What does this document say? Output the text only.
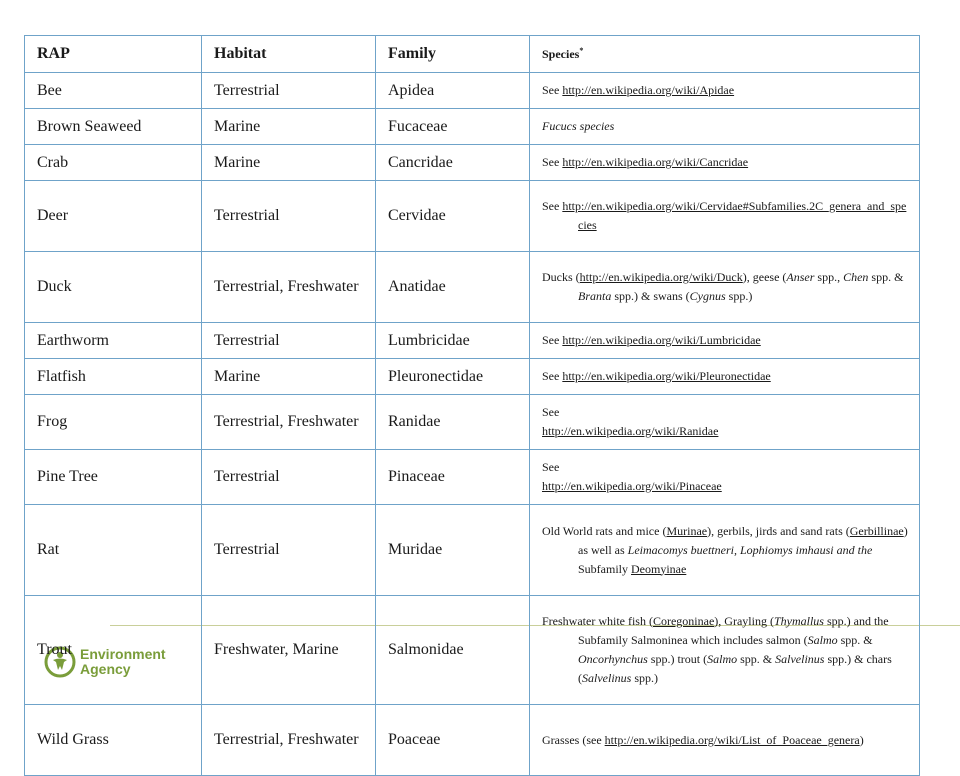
Environment
Agency
RAP	Habitat	Family	Species*
Bee	Terrestrial	Apidea	See http://en.wikipedia.org/wiki/Apidae
Brown Seaweed	Marine	Fucaceae	Fucucs species
Crab	Marine	Cancridae	See http://en.wikipedia.org/wiki/Cancridae
Deer	Terrestrial	Cervidae	See http://en.wikipedia.org/wiki/Cervidae#Subfamilies.2C_genera_and_species

Duck	Terrestrial, Freshwater	Anatidae	Ducks (http://en.wikipedia.org/wiki/Duck), geese (Anser spp., Chen spp. & Branta spp.) & swans (Cygnus spp.)

Earthworm	Terrestrial	Lumbricidae	See http://en.wikipedia.org/wiki/Lumbricidae
Flatfish	Marine	Pleuronectidae	See http://en.wikipedia.org/wiki/Pleuronectidae
Frog	Terrestrial, Freshwater	Ranidae	See
http://en.wikipedia.org/wiki/Ranidae
Pine Tree	Terrestrial	Pinaceae	See
http://en.wikipedia.org/wiki/Pinaceae
Rat	Terrestrial	Muridae	Old World rats and mice (Murinae), gerbils, jirds and sand rats (Gerbillinae) as well as Leimacomys buettneri, Lophiomys imhausi and the Subfamily Deomyinae

Trout	Freshwater, Marine	Salmonidae	Freshwater white fish (Coregoninae), Grayling (Thymallus spp.) and the Subfamily Salmoninea which includes salmon (Salmo spp. & Oncorhynchus spp.) trout (Salmo spp. & Salvelinus spp.) & chars (Salvelinus spp.)

Wild Grass	Terrestrial, Freshwater	Poaceae	Grasses (see http://en.wikipedia.org/wiki/List_of_Poaceae_genera)
